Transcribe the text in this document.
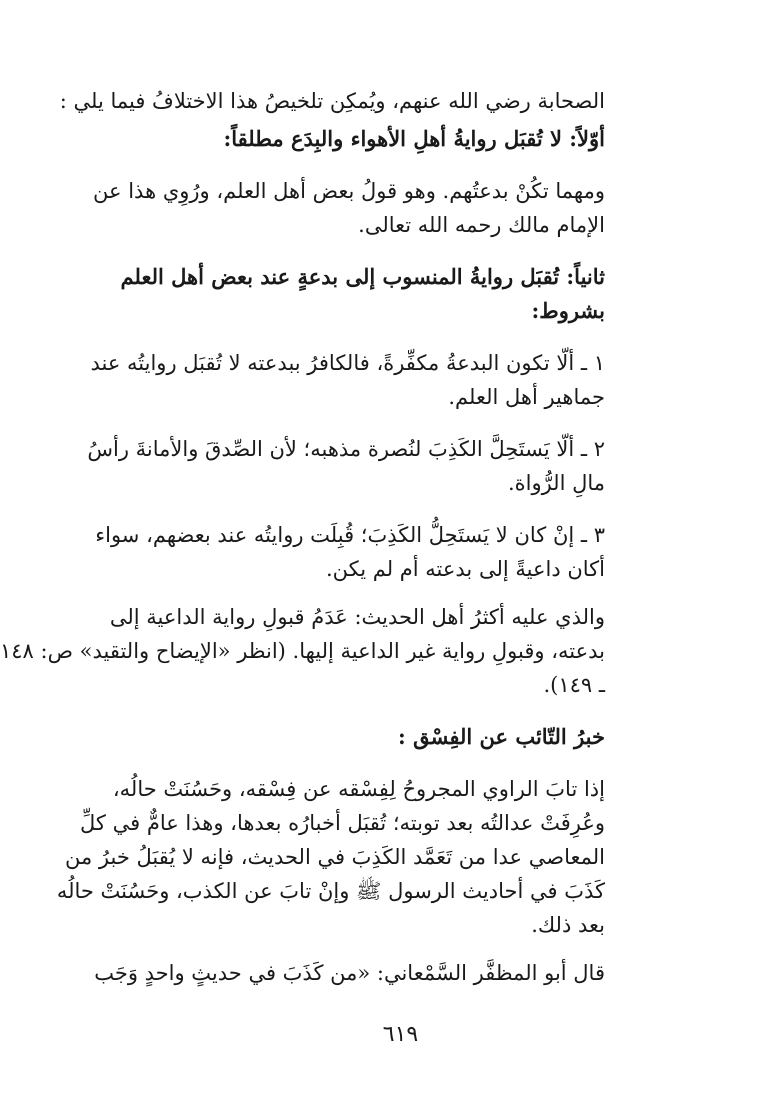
الصحابة رضي الله عنهم، ويُمكِن تلخيصُ هذا الاختلافُ فيما يلي :
أوّلاً: لا تُقبَل روايةُ أهلِ الأهواء والبِدَع مطلقاً:
ومهما تكُنْ بدعتُهم. وهو قولُ بعض أهل العلم، ورُوِي هذا عن
الإمام مالك رحمه الله تعالى.
ثانياً: تُقبَل روايةُ المنسوب إلى بدعةٍ عند بعض أهل العلم
بشروط:
١ ـ ألّا تكون البدعةُ مكفِّرةً، فالكافرُ ببدعته لا تُقبَل روايتُه عند
جماهير أهل العلم.
٢ ـ ألّا يَستَحِلَّ الكَذِبَ لنُصرة مذهبه؛ لأن الصِّدقَ والأمانةَ رأسُ
مالِ الرُّواة.
٣ ـ إنْ كان لا يَستَحِلُّ الكَذِبَ؛ قُبِلَت روايتُه عند بعضهم، سواء
أكان داعيةً إلى بدعته أم لم يكن.
والذي عليه أكثرُ أهل الحديث: عَدَمُ قبولِ رواية الداعية إلى
بدعته، وقبولِ رواية غير الداعية إليها. (انظر «الإيضاح والتقيد» ص: ١٤٨
ـ ١٤٩).
خبرُ التّائب عن الفِسْق :
إذا تابَ الراوي المجروحُ لِفِسْقه عن فِسْقه، وحَسُنَتْ حالُه،
وعُرِفَتْ عدالتُه بعد توبته؛ تُقبَل أخبارُه بعدها، وهذا عامٌّ في كلِّ
المعاصي عدا من تَعَمَّد الكَذِبَ في الحديث، فإنه لا يُقبَلُ خبرُ من
كَذَبَ في أحاديث الرسول ﷺ وإنْ تابَ عن الكذب، وحَسُنَتْ حالُه
بعد ذلك.
قال أبو المظفَّر السَّمْعاني: «من كَذَبَ في حديثٍ واحدٍ وَجَب
٦١٩
